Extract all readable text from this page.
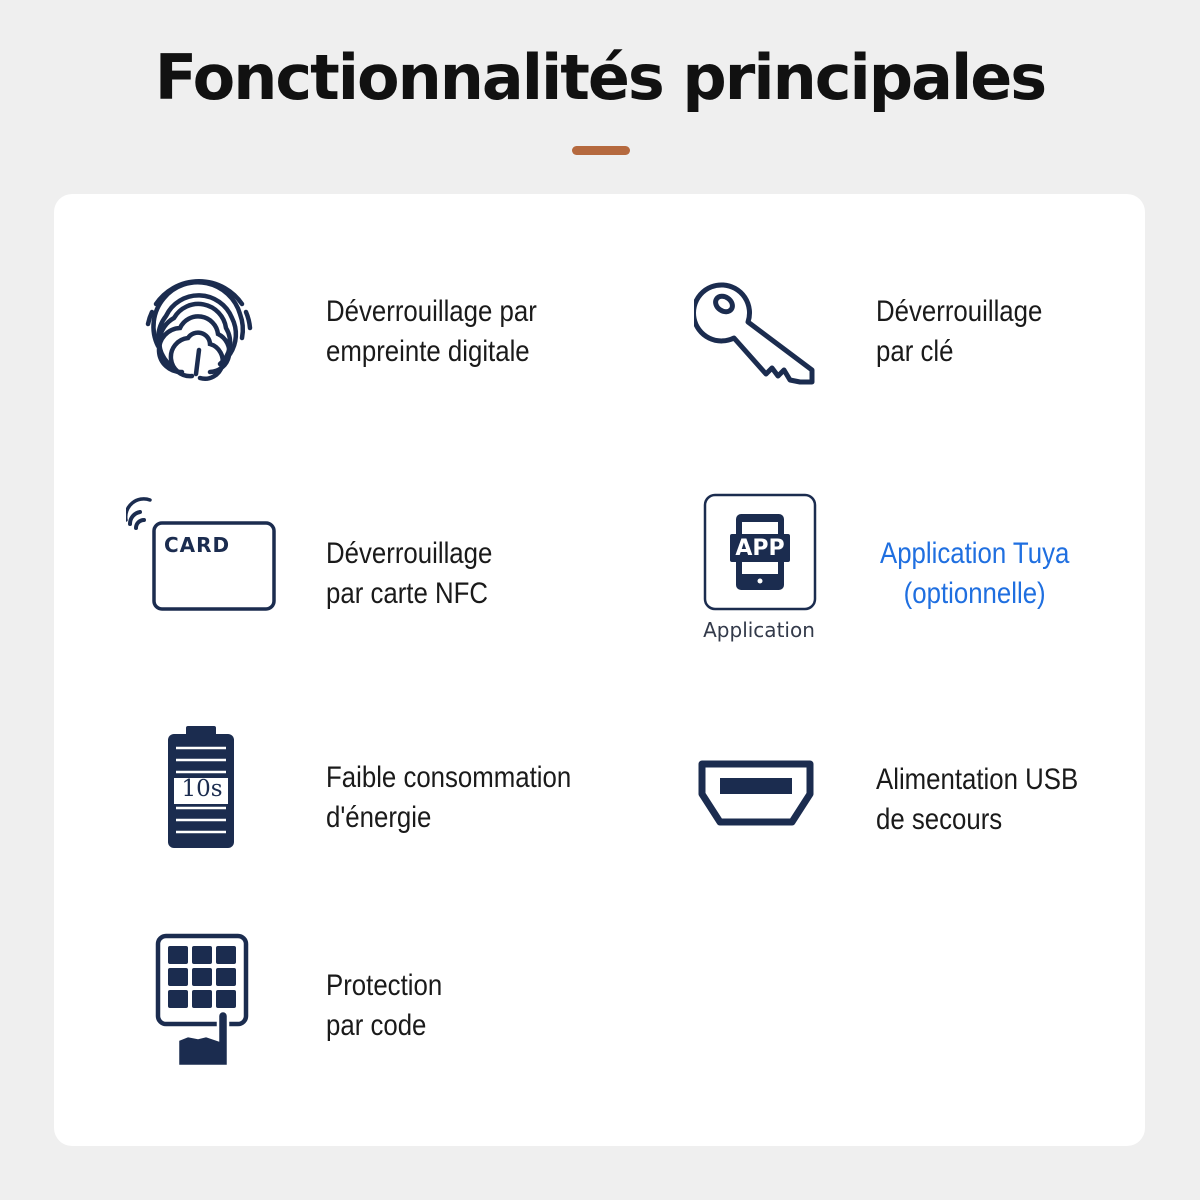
Fonctionnalités principales
Déverrouillage par
empreinte digitale
Déverrouillage
par clé
CARD	Déverrouillage
par carte NFC
APP
Application
Application Tuya
(optionnelle)
10s	Faible consommation
d'énergie
Alimentation USB
de secours
Protection
par code
